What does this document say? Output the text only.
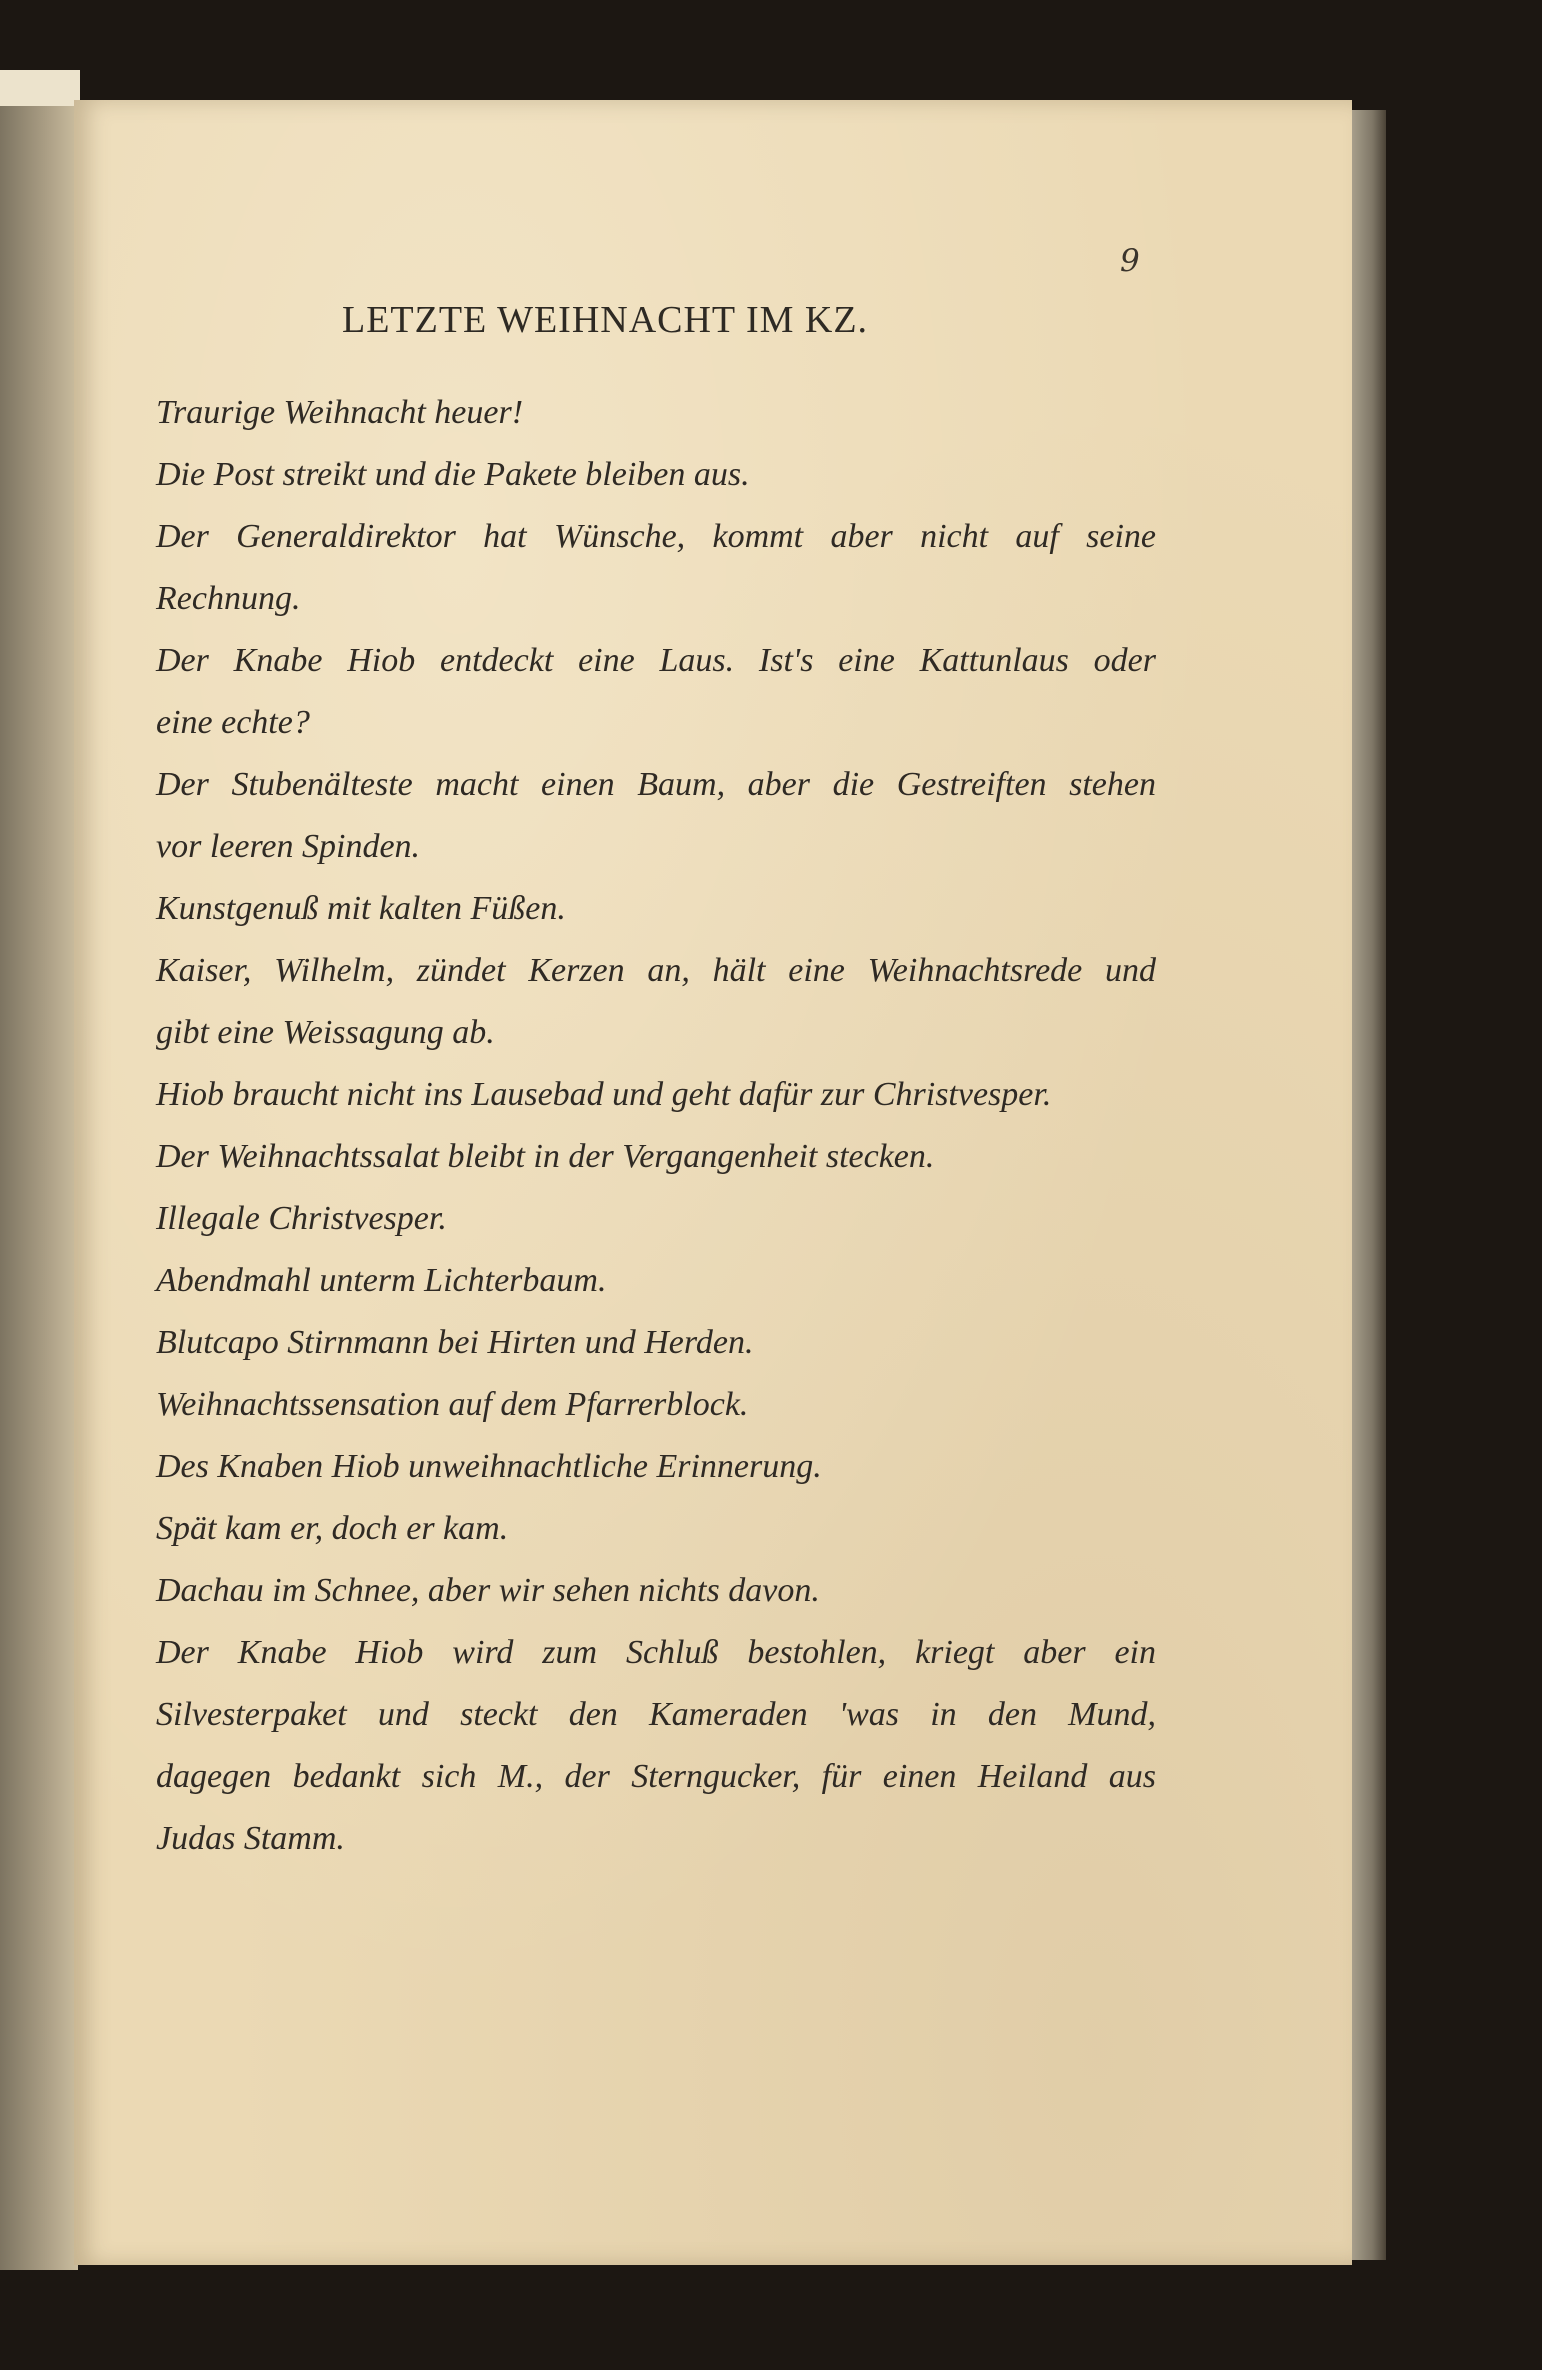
9
LETZTE WEIHNACHT IM KZ.
Traurige Weihnacht heuer!
Die Post streikt und die Pakete bleiben aus.
Der Generaldirektor hat Wünsche, kommt aber nicht auf seine
Rechnung.
Der Knabe Hiob entdeckt eine Laus. Ist's eine Kattunlaus oder
eine echte?
Der Stubenälteste macht einen Baum, aber die Gestreiften stehen
vor leeren Spinden.
Kunstgenuß mit kalten Füßen.
Kaiser, Wilhelm, zündet Kerzen an, hält eine Weihnachtsrede und
gibt eine Weissagung ab.
Hiob braucht nicht ins Lausebad und geht dafür zur Christvesper.
Der Weihnachtssalat bleibt in der Vergangenheit stecken.
Illegale Christvesper.
Abendmahl unterm Lichterbaum.
Blutcapo Stirnmann bei Hirten und Herden.
Weihnachtssensation auf dem Pfarrerblock.
Des Knaben Hiob unweihnachtliche Erinnerung.
Spät kam er, doch er kam.
Dachau im Schnee, aber wir sehen nichts davon.
Der Knabe Hiob wird zum Schluß bestohlen, kriegt aber ein
Silvesterpaket und steckt den Kameraden 'was in den Mund,
dagegen bedankt sich M., der Sterngucker, für einen Heiland aus
Judas Stamm.
